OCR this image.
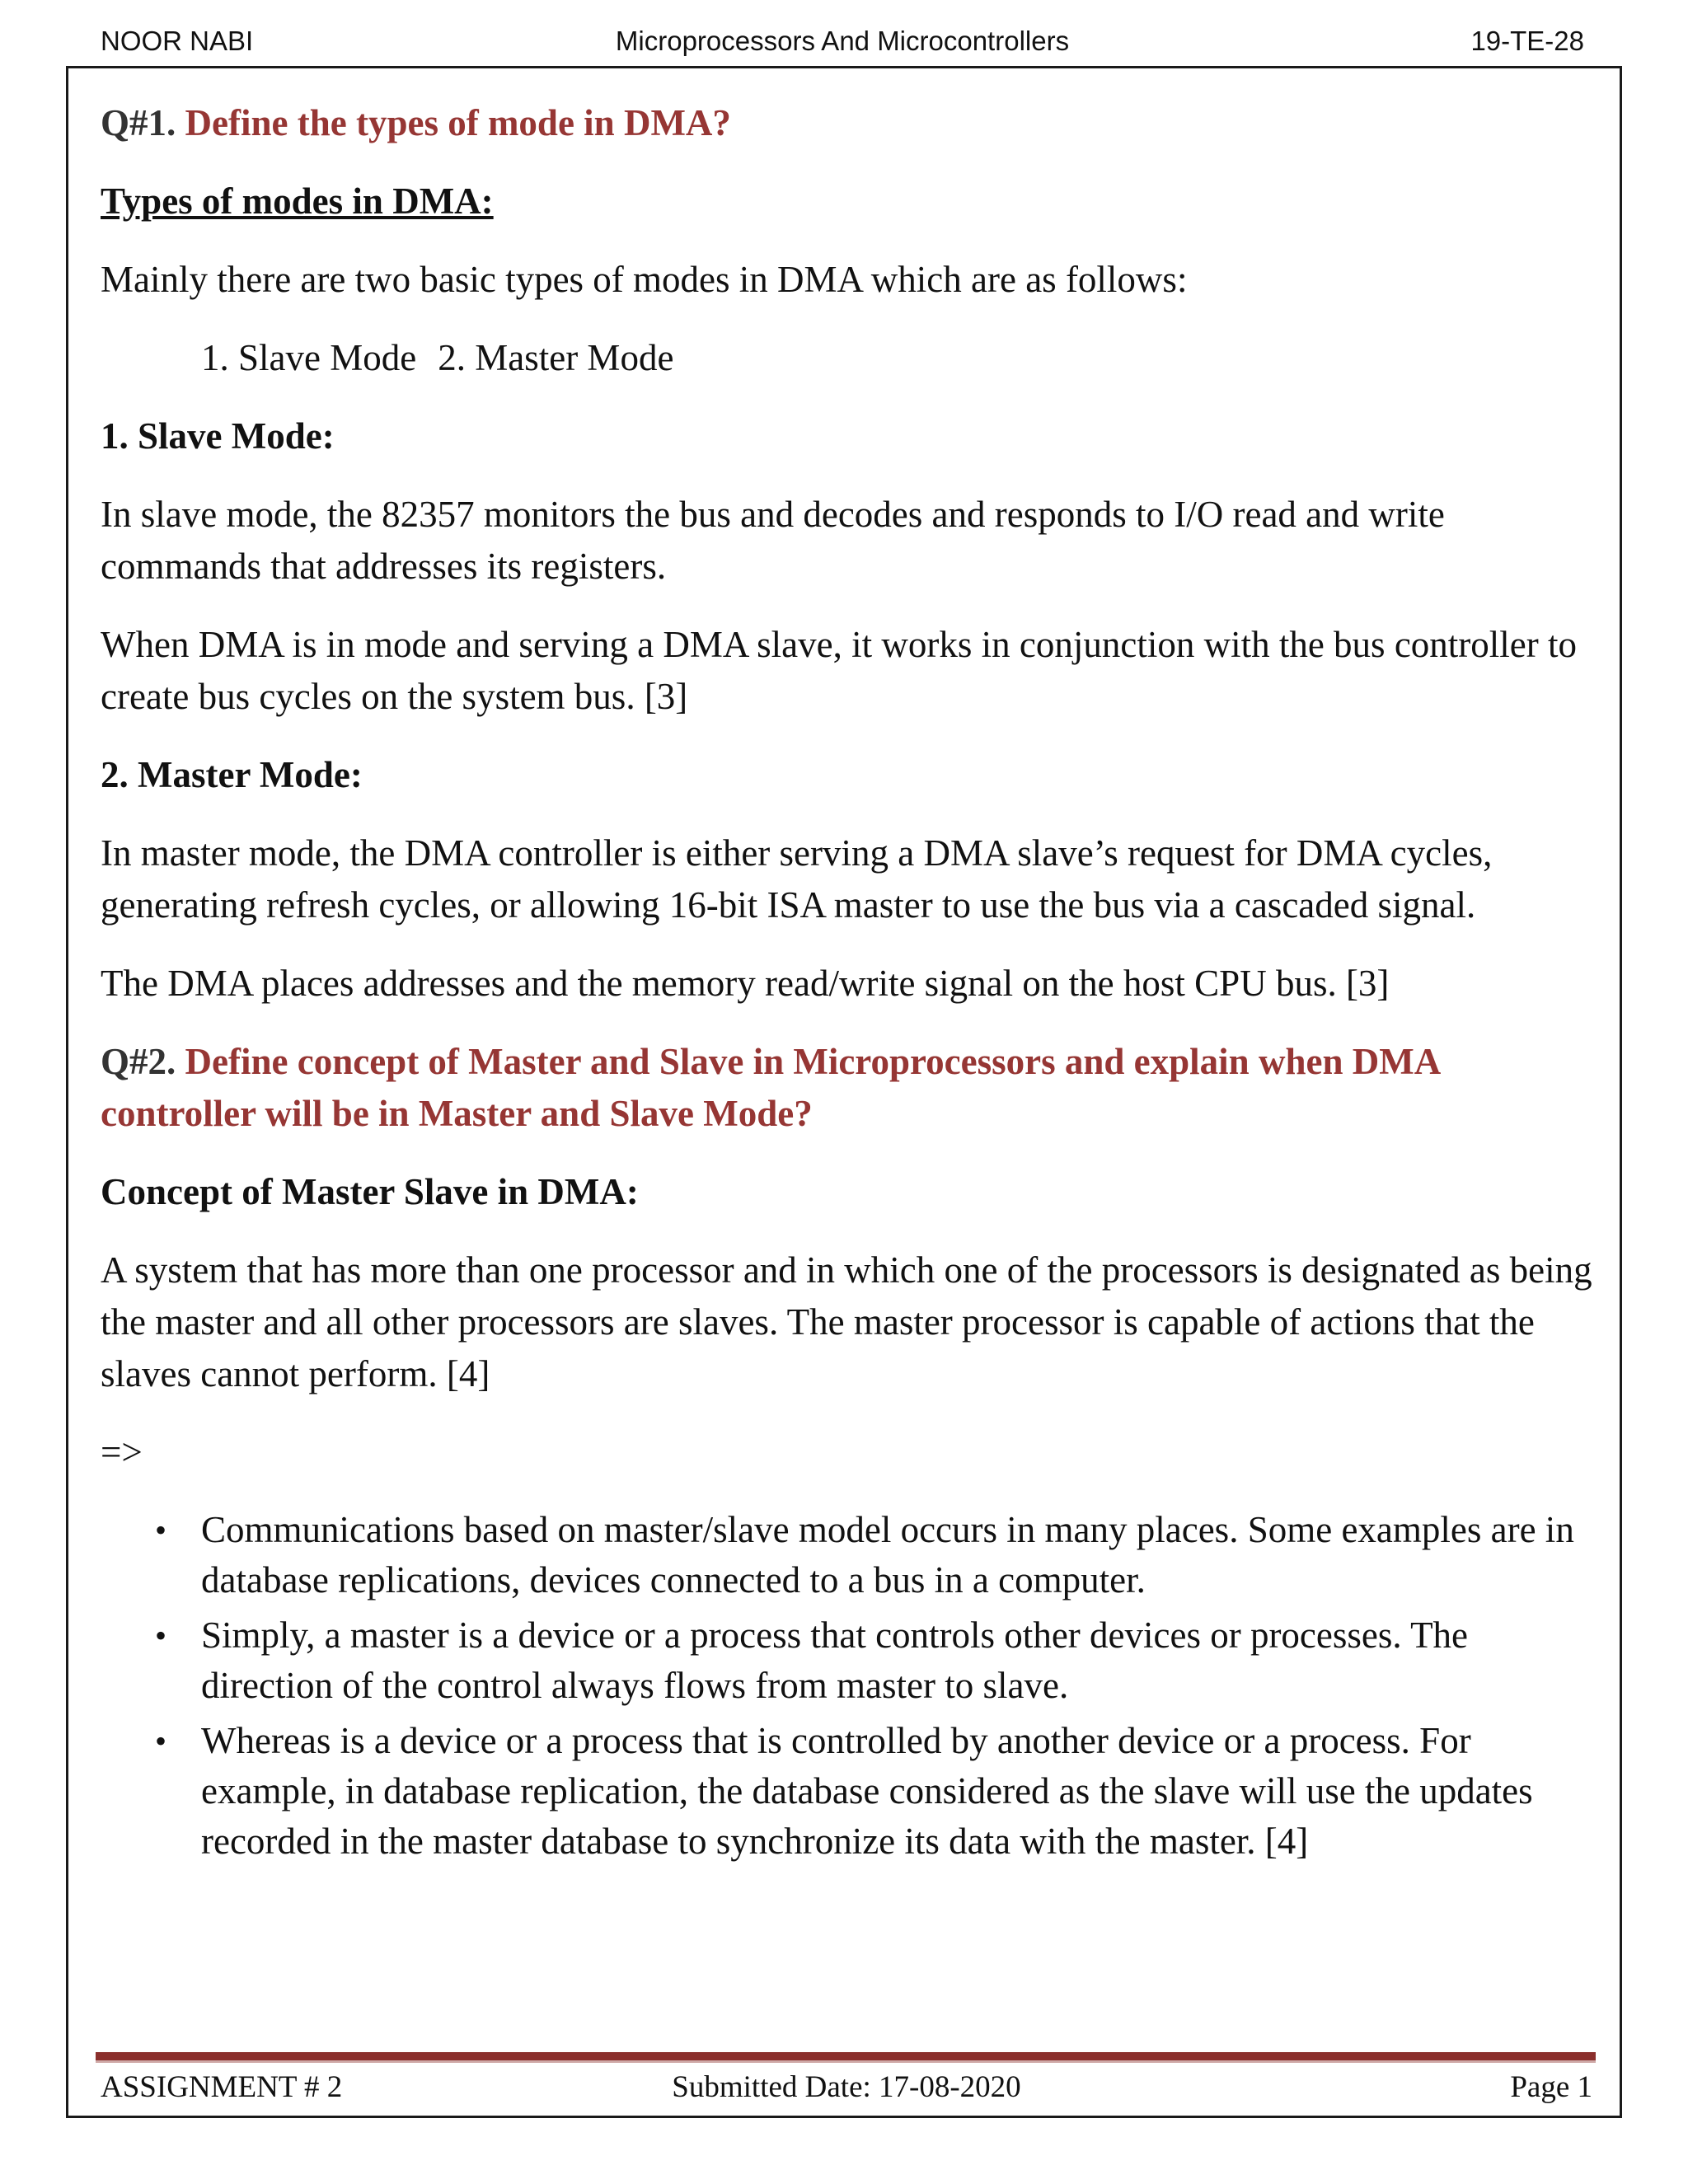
NOOR NABI	Microprocessors And Microcontrollers	19-TE-28

Q#1. Define the types of mode in DMA?

Types of modes in DMA:

Mainly there are two basic types of modes in DMA which are as follows:

1. Slave Mode 2. Master Mode

1. Slave Mode:

In slave mode, the 82357 monitors the bus and decodes and responds to I/O read and write commands that addresses its registers.

When DMA is in mode and serving a DMA slave, it works in conjunction with the bus controller to create bus cycles on the system bus. [3]

2. Master Mode:

In master mode, the DMA controller is either serving a DMA slave’s request for DMA cycles, generating refresh cycles, or allowing 16-bit ISA master to use the bus via a cascaded signal.

The DMA places addresses and the memory read/write signal on the host CPU bus. [3]

Q#2. Define concept of Master and Slave in Microprocessors and explain when DMA controller will be in Master and Slave Mode?

Concept of Master Slave in DMA:

A system that has more than one processor and in which one of the processors is designated as being the master and all other processors are slaves. The master processor is capable of actions that the slaves cannot perform. [4]

=>

• Communications based on master/slave model occurs in many places. Some examples are in database replications, devices connected to a bus in a computer.
• Simply, a master is a device or a process that controls other devices or processes. The direction of the control always flows from master to slave.
• Whereas is a device or a process that is controlled by another device or a process. For example, in database replication, the database considered as the slave will use the updates recorded in the master database to synchronize its data with the master. [4]
ASSIGNMENT # 2	Submitted Date: 17-08-2020	Page 1
